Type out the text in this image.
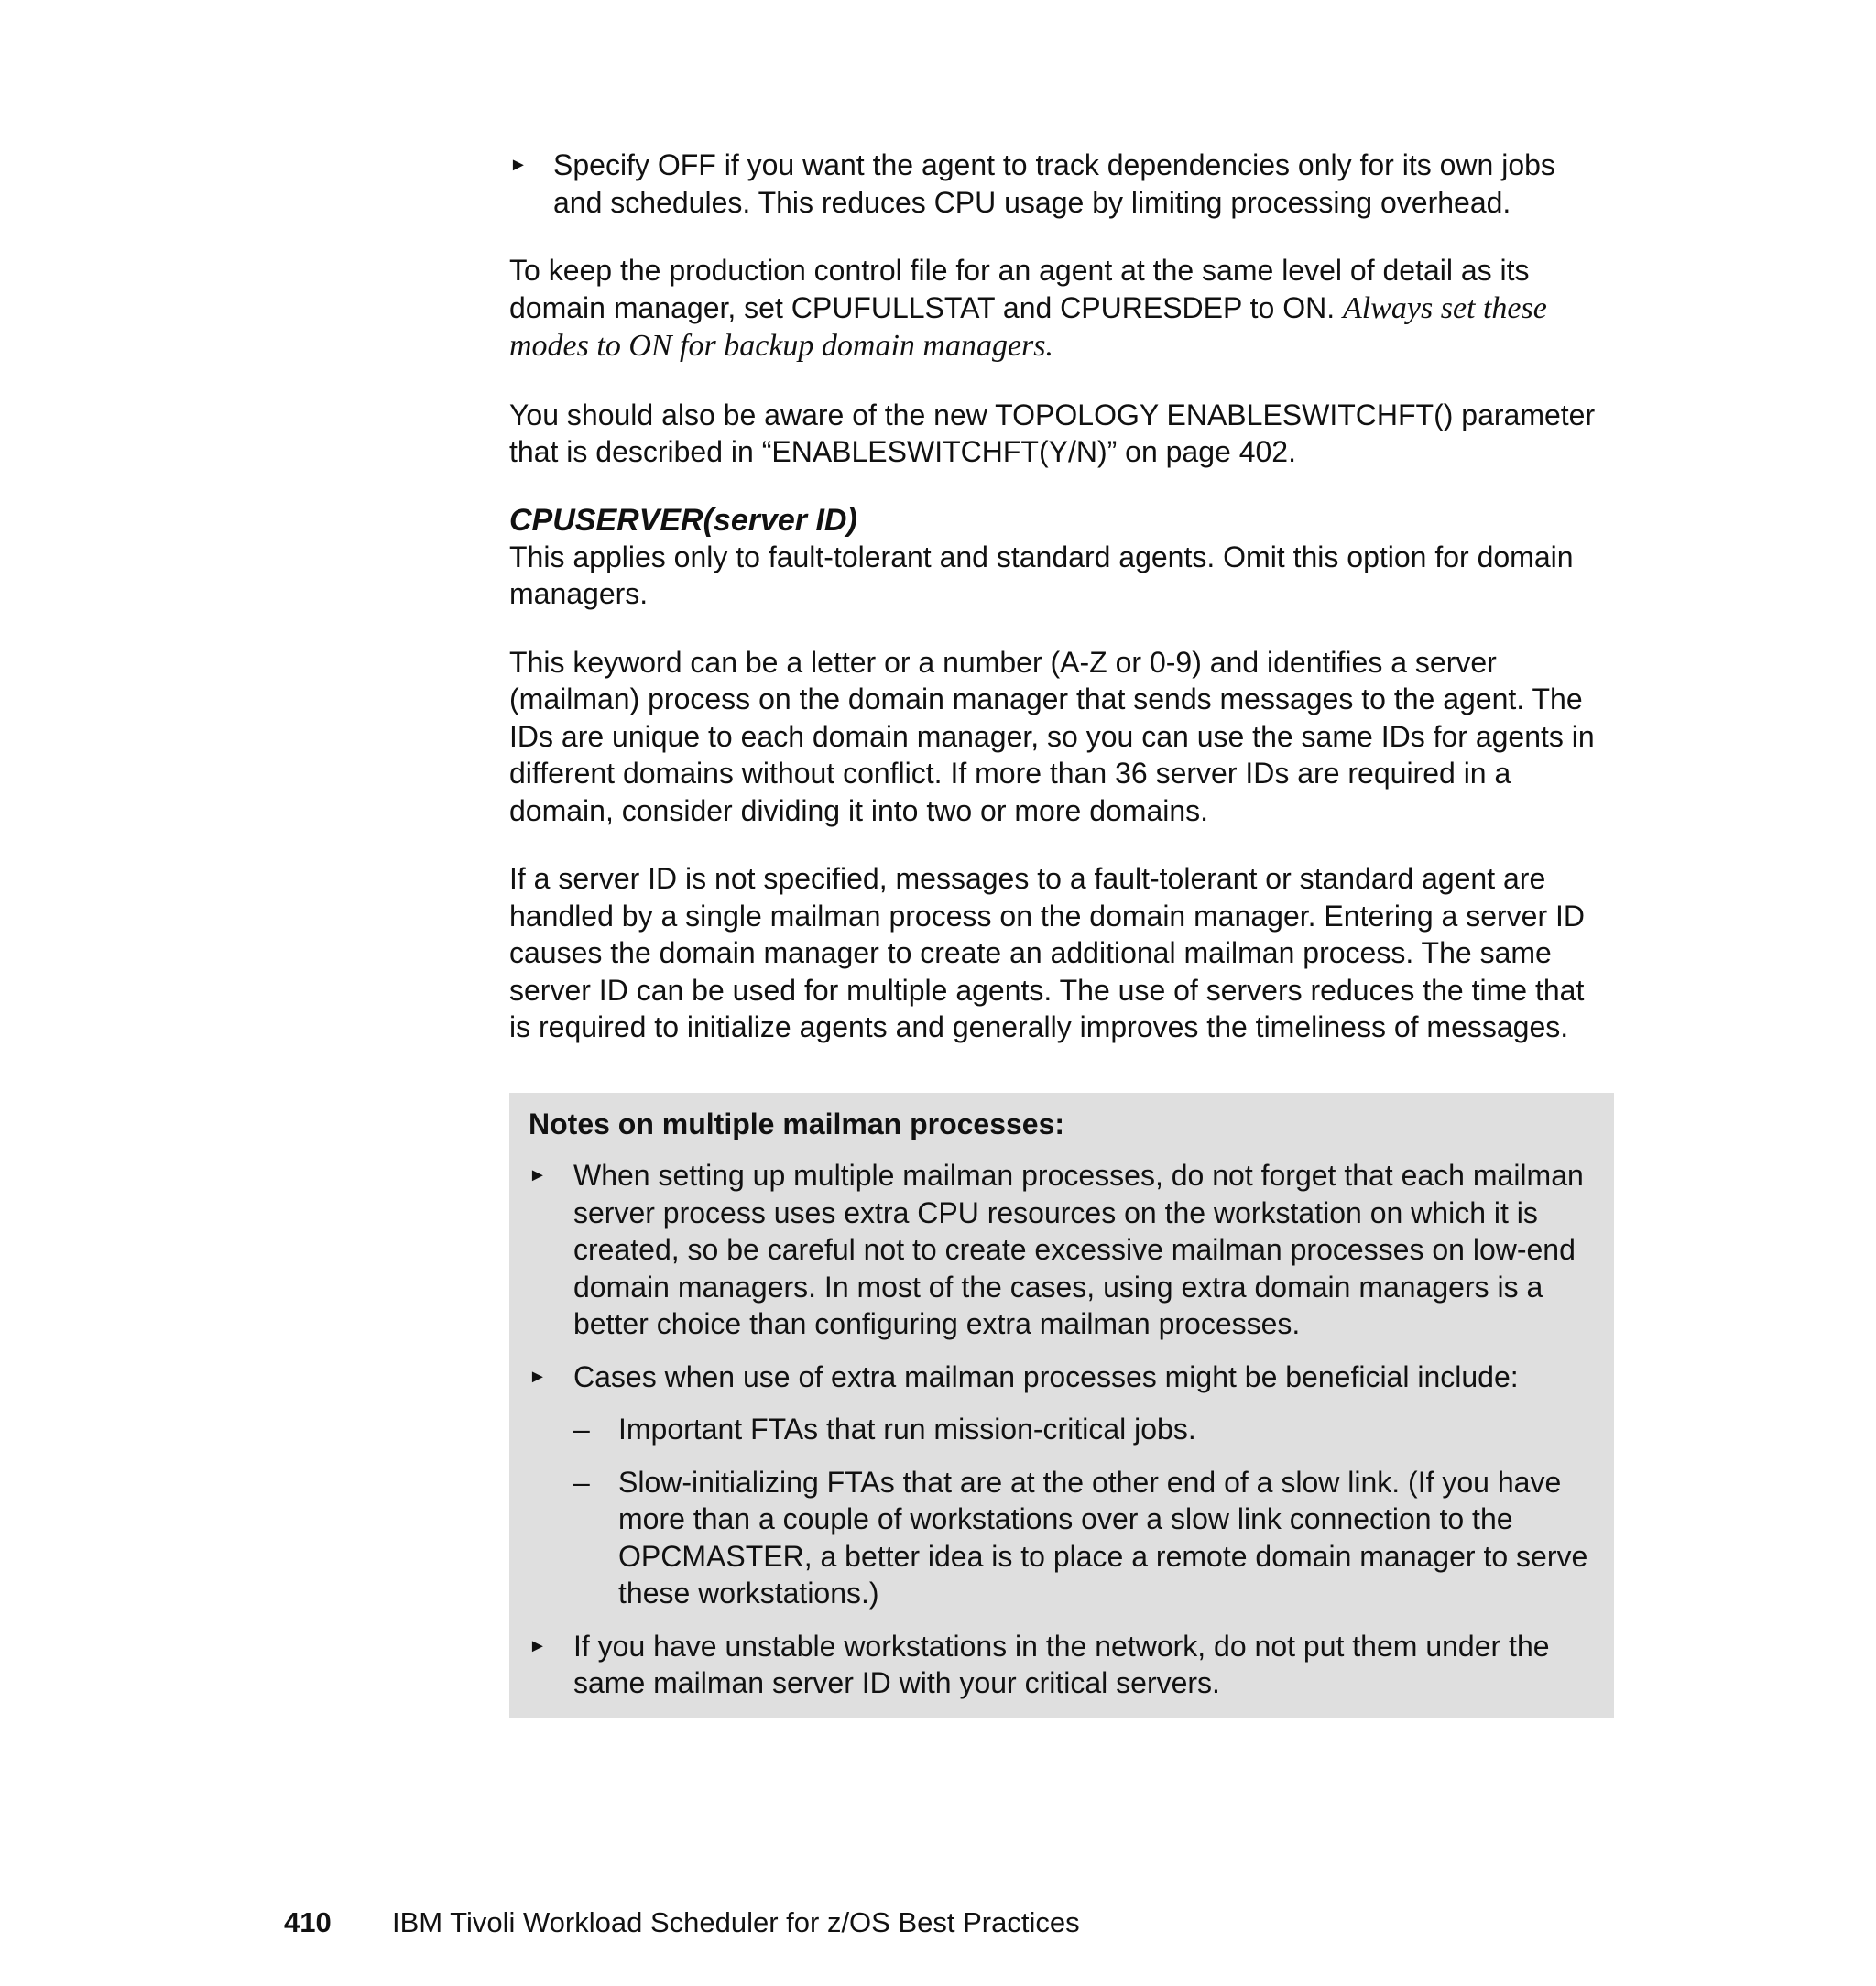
► Specify OFF if you want the agent to track dependencies only for its own jobs and schedules. This reduces CPU usage by limiting processing overhead.

To keep the production control file for an agent at the same level of detail as its domain manager, set CPUFULLSTAT and CPURESDEP to ON. Always set these modes to ON for backup domain managers.

You should also be aware of the new TOPOLOGY ENABLESWITCHFT() parameter that is described in “ENABLESWITCHFT(Y/N)” on page 402.

CPUSERVER(server ID)

This applies only to fault-tolerant and standard agents. Omit this option for domain managers.

This keyword can be a letter or a number (A-Z or 0-9) and identifies a server (mailman) process on the domain manager that sends messages to the agent. The IDs are unique to each domain manager, so you can use the same IDs for agents in different domains without conflict. If more than 36 server IDs are required in a domain, consider dividing it into two or more domains.

If a server ID is not specified, messages to a fault-tolerant or standard agent are handled by a single mailman process on the domain manager. Entering a server ID causes the domain manager to create an additional mailman process. The same server ID can be used for multiple agents. The use of servers reduces the time that is required to initialize agents and generally improves the timeliness of messages.

Notes on multiple mailman processes:
► When setting up multiple mailman processes, do not forget that each mailman server process uses extra CPU resources on the workstation on which it is created, so be careful not to create excessive mailman processes on low-end domain managers. In most of the cases, using extra domain managers is a better choice than configuring extra mailman processes.
► Cases when use of extra mailman processes might be beneficial include:
– Important FTAs that run mission-critical jobs.
– Slow-initializing FTAs that are at the other end of a slow link. (If you have more than a couple of workstations over a slow link connection to the OPCMASTER, a better idea is to place a remote domain manager to serve these workstations.)
► If you have unstable workstations in the network, do not put them under the same mailman server ID with your critical servers.
410 IBM Tivoli Workload Scheduler for z/OS Best Practices
